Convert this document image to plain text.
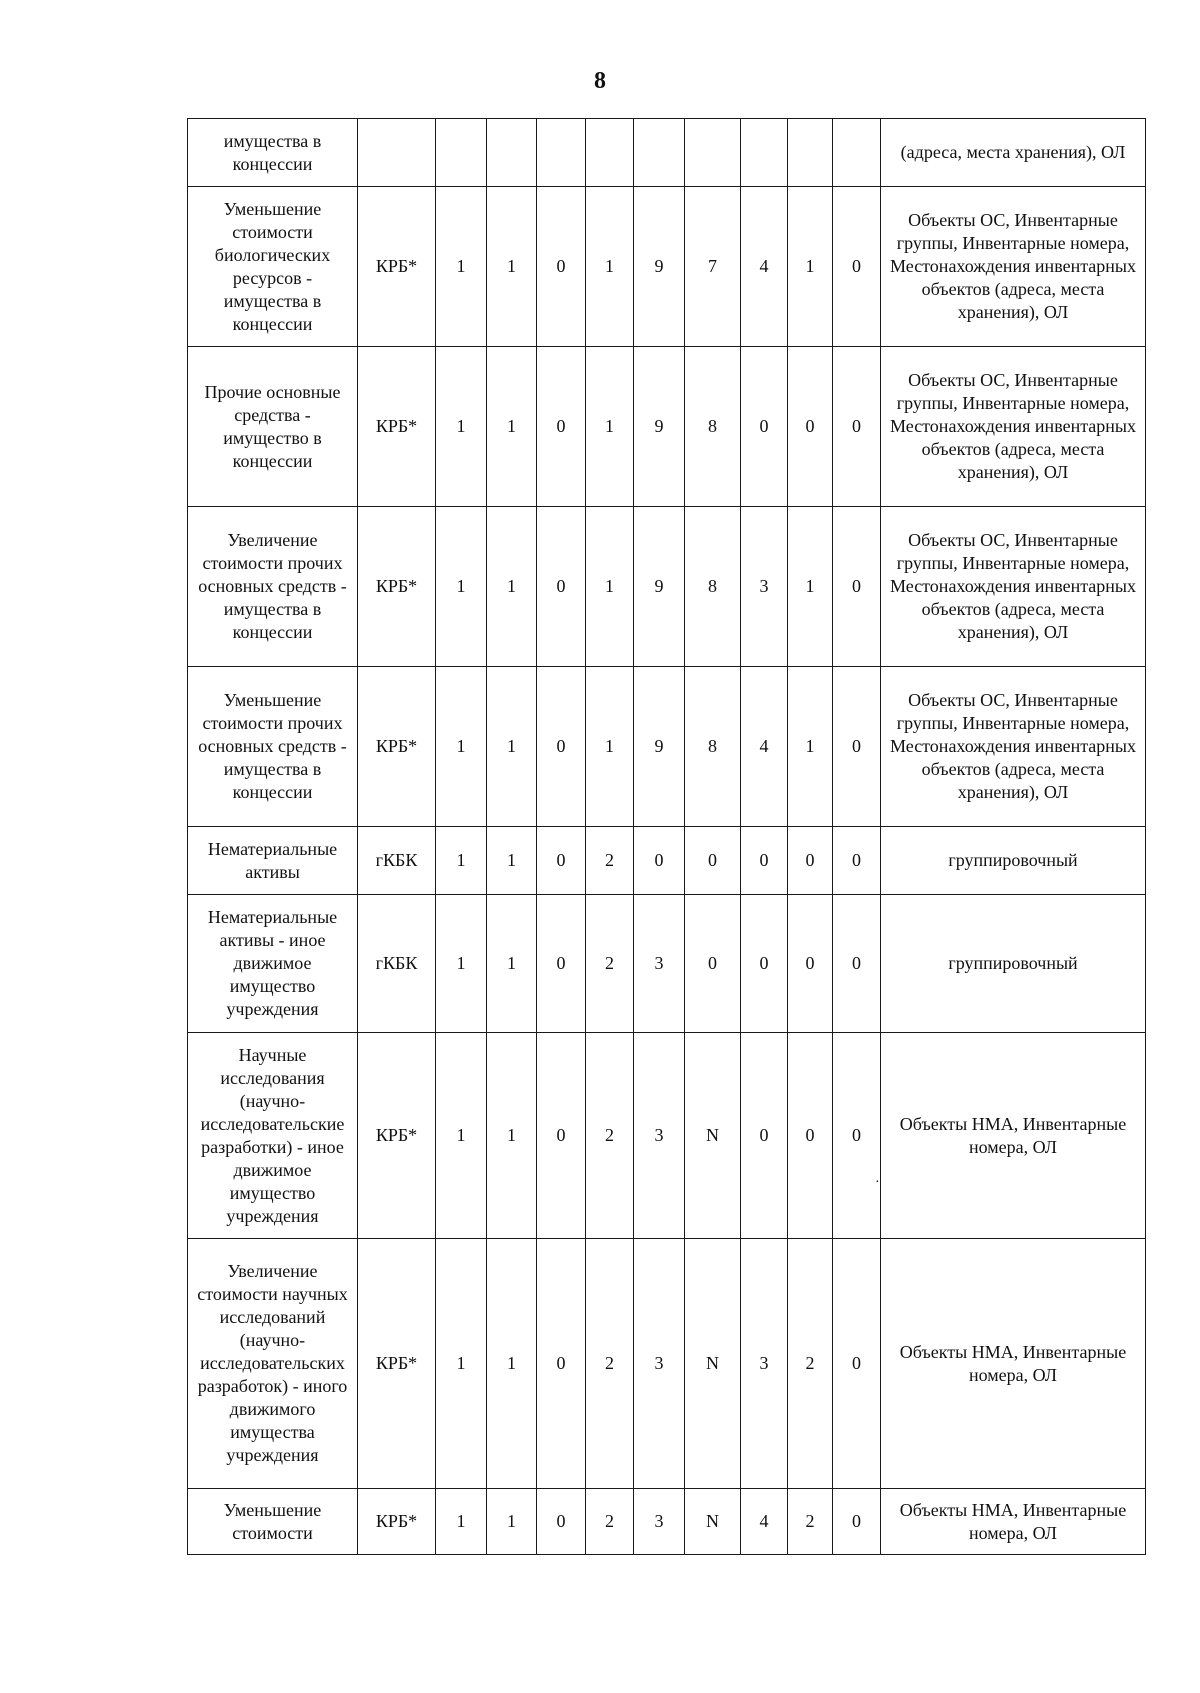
8
имущества в концессии											(адреса, места хранения), ОЛ
Уменьшение стоимости биологических ресурсов - имущества в концессии	КРБ*	1	1	0	1	9	7	4	1	0	Объекты ОС, Инвентарные группы, Инвентарные номера, Местонахождения инвентарных объектов (адреса, места хранения), ОЛ
Прочие основные средства - имущество в концессии	КРБ*	1	1	0	1	9	8	0	0	0	Объекты ОС, Инвентарные группы, Инвентарные номера, Местонахождения инвентарных объектов (адреса, места хранения), ОЛ
Увеличение стоимости прочих основных средств - имущества в концессии	КРБ*	1	1	0	1	9	8	3	1	0	Объекты ОС, Инвентарные группы, Инвентарные номера, Местонахождения инвентарных объектов (адреса, места хранения), ОЛ
Уменьшение стоимости прочих основных средств - имущества в концессии	КРБ*	1	1	0	1	9	8	4	1	0	Объекты ОС, Инвентарные группы, Инвентарные номера, Местонахождения инвентарных объектов (адреса, места хранения), ОЛ
Нематериальные активы	гКБК	1	1	0	2	0	0	0	0	0	группировочный
Нематериальные активы - иное движимое имущество учреждения	гКБК	1	1	0	2	3	0	0	0	0	группировочный
Научные исследования (научно-исследовательские разработки) - иное движимое имущество учреждения	КРБ*	1	1	0	2	3	N	0	0	0	Объекты НМА, Инвентарные номера, ОЛ
Увеличение стоимости научных исследований (научно-исследовательских разработок) - иного движимого имущества учреждения	КРБ*	1	1	0	2	3	N	3	2	0	Объекты НМА, Инвентарные номера, ОЛ
Уменьшение стоимости	КРБ*	1	1	0	2	3	N	4	2	0	Объекты НМА, Инвентарные номера, ОЛ
·
